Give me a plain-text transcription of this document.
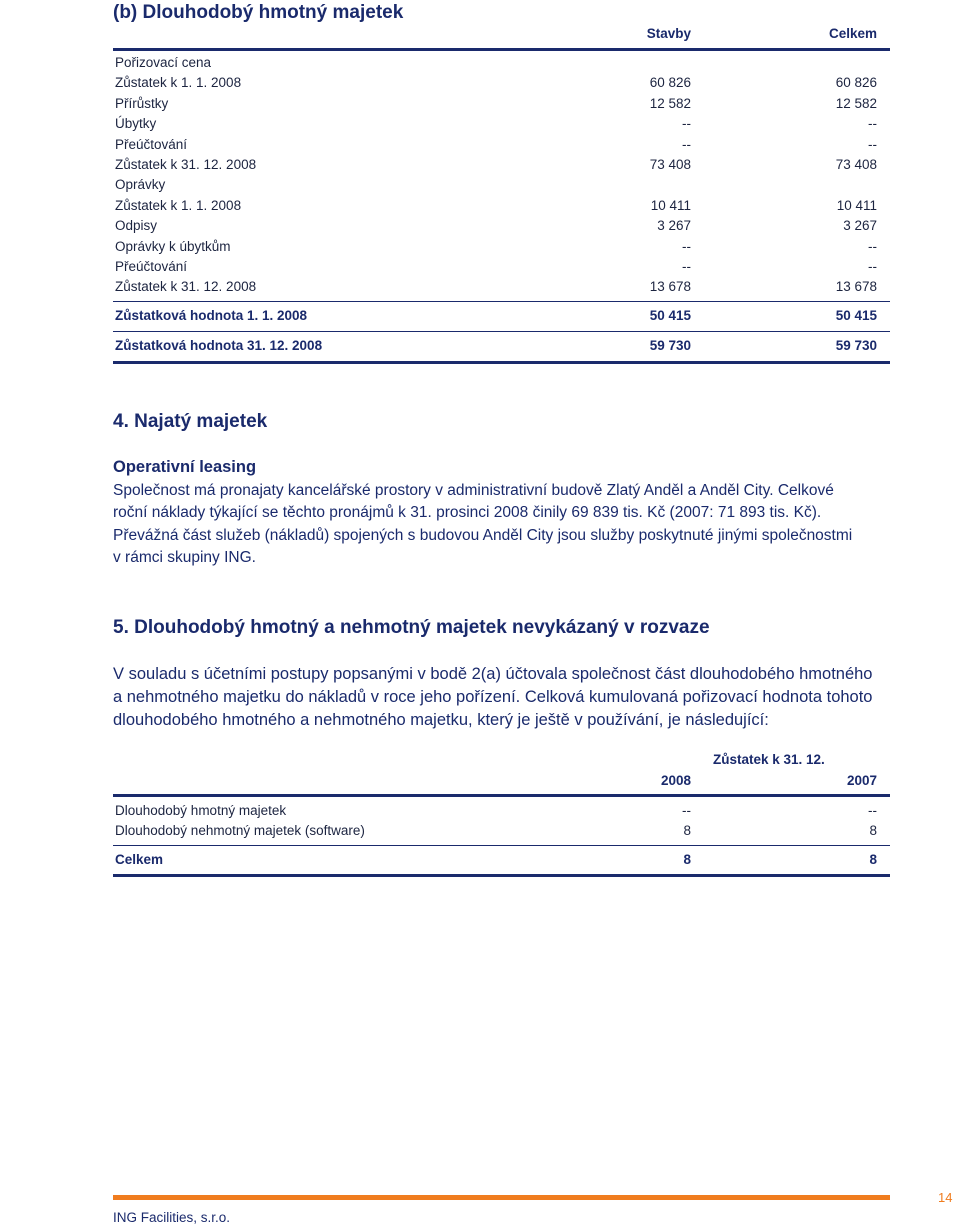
(b) Dlouhodobý hmotný majetek
Stavby	Celkem
Pořizovací cena
Zůstatek k 1. 1. 2008	60 826	60 826
Přírůstky	12 582	12 582
Úbytky	--	--
Přeúčtování	--	--
Zůstatek k 31. 12. 2008	73 408	73 408
Oprávky
Zůstatek k 1. 1. 2008	10 411	10 411
Odpisy	3 267	3 267
Oprávky k úbytkům	--	--
Přeúčtování	--	--
Zůstatek k 31. 12. 2008	13 678	13 678
Zůstatková hodnota 1. 1. 2008	50 415	50 415
Zůstatková hodnota 31. 12. 2008	59 730	59 730
4. Najatý majetek
Operativní leasing
Společnost má pronajaty kancelářské prostory v administrativní budově Zlatý Anděl a Anděl City. Celkové
roční náklady týkající se těchto pronájmů k 31. prosinci 2008 činily 69 839 tis. Kč (2007: 71 893 tis. Kč).
Převážná část služeb (nákladů) spojených s budovou Anděl City jsou služby poskytnuté jinými společnostmi
v rámci skupiny ING.
5. Dlouhodobý hmotný a nehmotný majetek nevykázaný v rozvaze
V souladu s účetními postupy popsanými v bodě 2(a) účtovala společnost část dlouhodobého hmotného
a nehmotného majetku do nákladů v roce jeho pořízení. Celková kumulovaná pořizovací hodnota tohoto
dlouhodobého hmotného a nehmotného majetku, který je ještě v používání, je následující:
Zůstatek k 31. 12.
2008	2007
Dlouhodobý hmotný majetek	--	--
Dlouhodobý nehmotný majetek (software)	8	8
Celkem	8	8
14
ING Facilities, s.r.o.
